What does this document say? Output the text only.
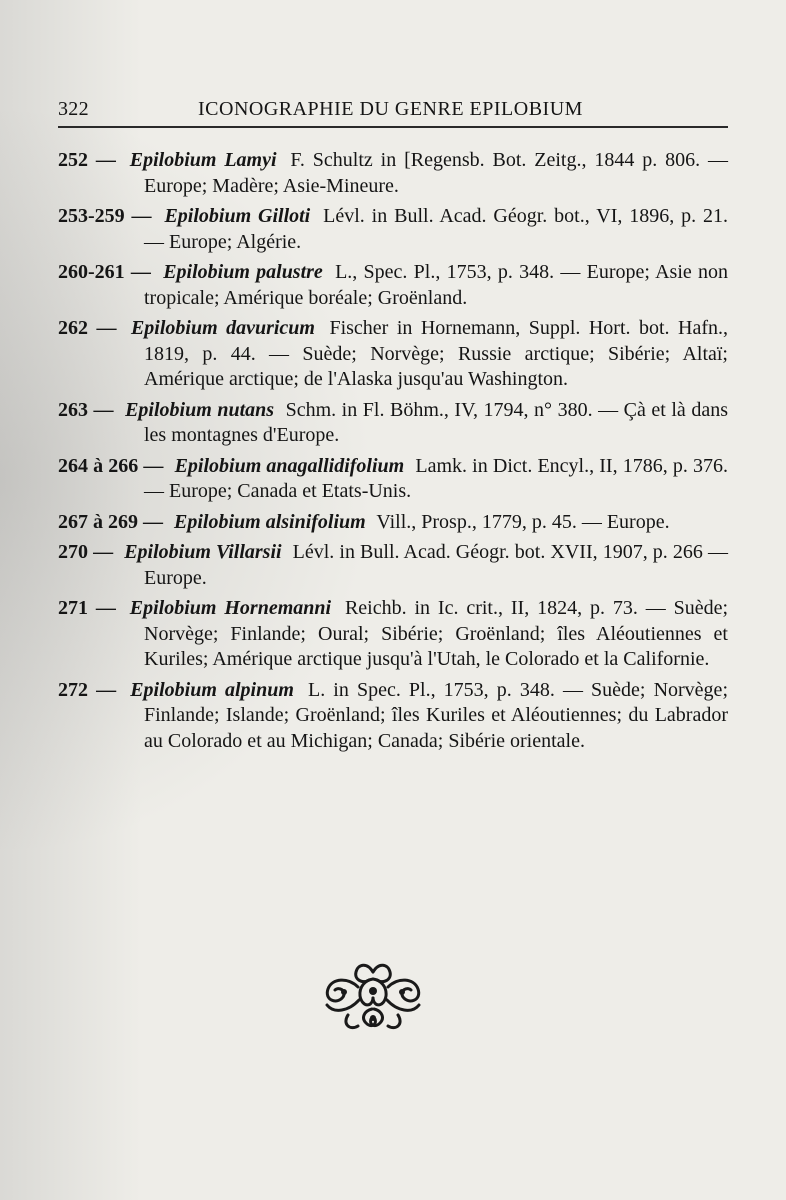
322	ICONOGRAPHIE DU GENRE EPILOBIUM

252 — Epilobium Lamyi F. Schultz in [Regensb. Bot. Zeitg., 1844 p. 806. — Europe; Madère; Asie-Mineure.

253-259 — Epilobium Gilloti Lévl. in Bull. Acad. Géogr. bot., VI, 1896, p. 21. — Europe; Algérie.

260-261 — Epilobium palustre L., Spec. Pl., 1753, p. 348. — Europe; Asie non tropicale; Amérique boréale; Groënland.

262 — Epilobium davuricum Fischer in Hornemann, Suppl. Hort. bot. Hafn., 1819, p. 44. — Suède; Norvège; Russie arctique; Sibérie; Altaï; Amérique arctique; de l'Alaska jusqu'au Washington.

263 — Epilobium nutans Schm. in Fl. Böhm., IV, 1794, n° 380. — Çà et là dans les montagnes d'Europe.

264 à 266 — Epilobium anagallidifolium Lamk. in Dict. Encyl., II, 1786, p. 376. — Europe; Canada et Etats-Unis.

267 à 269 — Epilobium alsinifolium Vill., Prosp., 1779, p. 45. — Europe.

270 — Epilobium Villarsii Lévl. in Bull. Acad. Géogr. bot. XVII, 1907, p. 266 — Europe.

271 — Epilobium Hornemanni Reichb. in Ic. crit., II, 1824, p. 73. — Suède; Norvège; Finlande; Oural; Sibérie; Groënland; îles Aléoutiennes et Kuriles; Amérique arctique jusqu'à l'Utah, le Colorado et la Californie.

272 — Epilobium alpinum L. in Spec. Pl., 1753, p. 348. — Suède; Norvège; Finlande; Islande; Groënland; îles Kuriles et Aléoutiennes; du Labrador au Colorado et au Michigan; Canada; Sibérie orientale.
